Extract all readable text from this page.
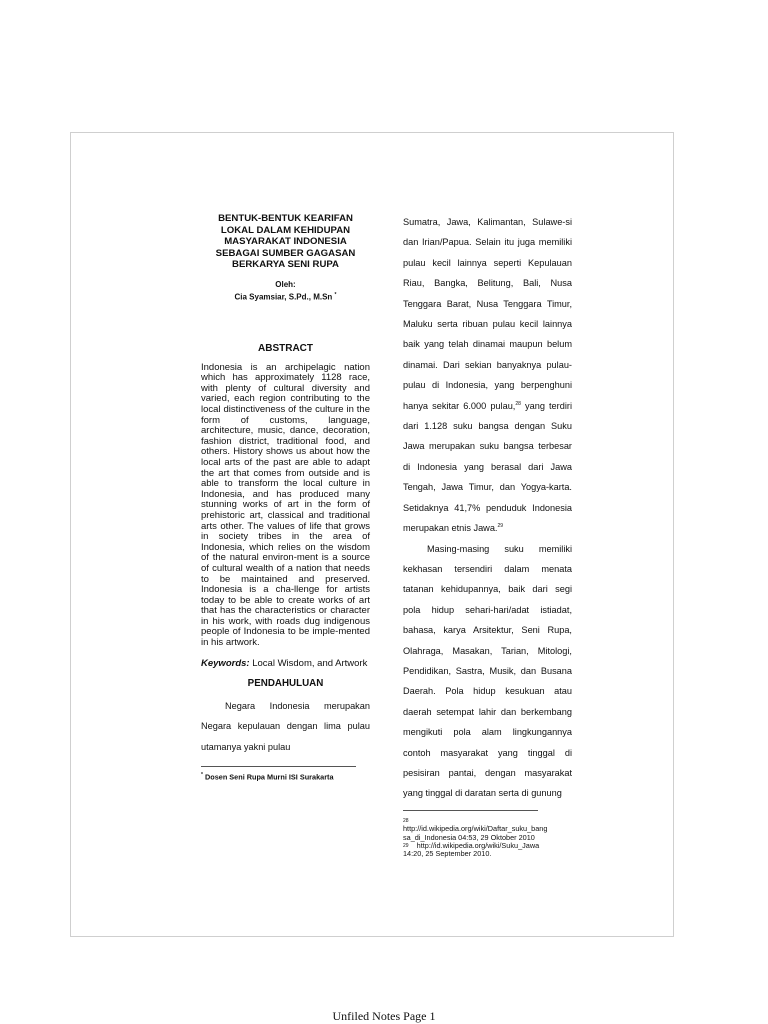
BENTUK-BENTUK KEARIFAN

LOKAL DALAM KEHIDUPAN

MASYARAKAT INDONESIA

SEBAGAI SUMBER GAGASAN

BERKARYA SENI RUPA

Oleh:
Cia Syamsiar, S.Pd., M.Sn *
ABSTRACT

Indonesia is an archipelagic nation which has approximately 1128 race, with plenty of cultural diversity and varied, each region contributing to the local distinctiveness of the culture in the form of customs, language, architecture, music, dance, decoration, fashion district, traditional food, and others. History shows us about how the local arts of the past are able to adapt the art that comes from outside and is able to transform the local culture in Indonesia, and has produced many stunning works of art in the form of prehistoric art, classical and traditional arts other. The values of life that grows in society tribes in the area of Indonesia, which relies on the wisdom of the natural environ-ment is a source of cultural wealth of a nation that needs to be maintained and preserved. Indonesia is a cha-llenge for artists today to be able to create works of art that has the characteristics or character in his work, with roads dug indigenous people of Indonesia to be imple-mented in his artwork.

Keywords: Local Wisdom, and Artwork

PENDAHULUAN

Negara Indonesia merupakan Negara kepulauan dengan lima pulau utamanya yakni pulau

* Dosen Seni Rupa Murni ISI Surakarta

Sumatra, Jawa, Kalimantan, Sulawe-si dan Irian/Papua. Selain itu juga memiliki pulau kecil lainnya seperti Kepulauan Riau, Bangka, Belitung, Bali, Nusa Tenggara Barat, Nusa Tenggara Timur, Maluku serta ribuan pulau kecil lainnya baik yang telah dinamai maupun belum dinamai. Dari sekian banyaknya pulau-pulau di Indonesia, yang berpenghuni hanya sekitar 6.000 pulau,$^{28}$ yang terdiri dari 1.128 suku bangsa dengan Suku Jawa merupakan suku bangsa terbesar di Indonesia yang berasal dari Jawa Tengah, Jawa Timur, dan Yogya-karta. Setidaknya 41,7% penduduk Indonesia merupakan etnis Jawa.$^{29}$

Masing-masing suku memiliki kekhasan tersendiri dalam menata tatanan kehidupannya, baik dari segi pola hidup sehari-hari/adat istiadat, bahasa, karya Arsitektur, Seni Rupa, Olahraga, Masakan, Tarian, Mitologi, Pendidikan, Sastra, Musik, dan Busana Daerah. Pola hidup kesukuan atau daerah setempat lahir dan berkembang mengikuti pola alam lingkungannya contoh masyarakat yang tinggal di pesisiran pantai, dengan masyarakat yang tinggal di daratan serta di gunung

$^{28}$
http://id.wikipedia.org/wiki/Daftar_suku_bang
sa_di_Indonesia 04:53, 29 Oktober 2010
$^{29}$ http://id.wikipedia.org/wiki/Suku_Jawa
14:20, 25 September 2010.
Unfiled Notes Page 1
